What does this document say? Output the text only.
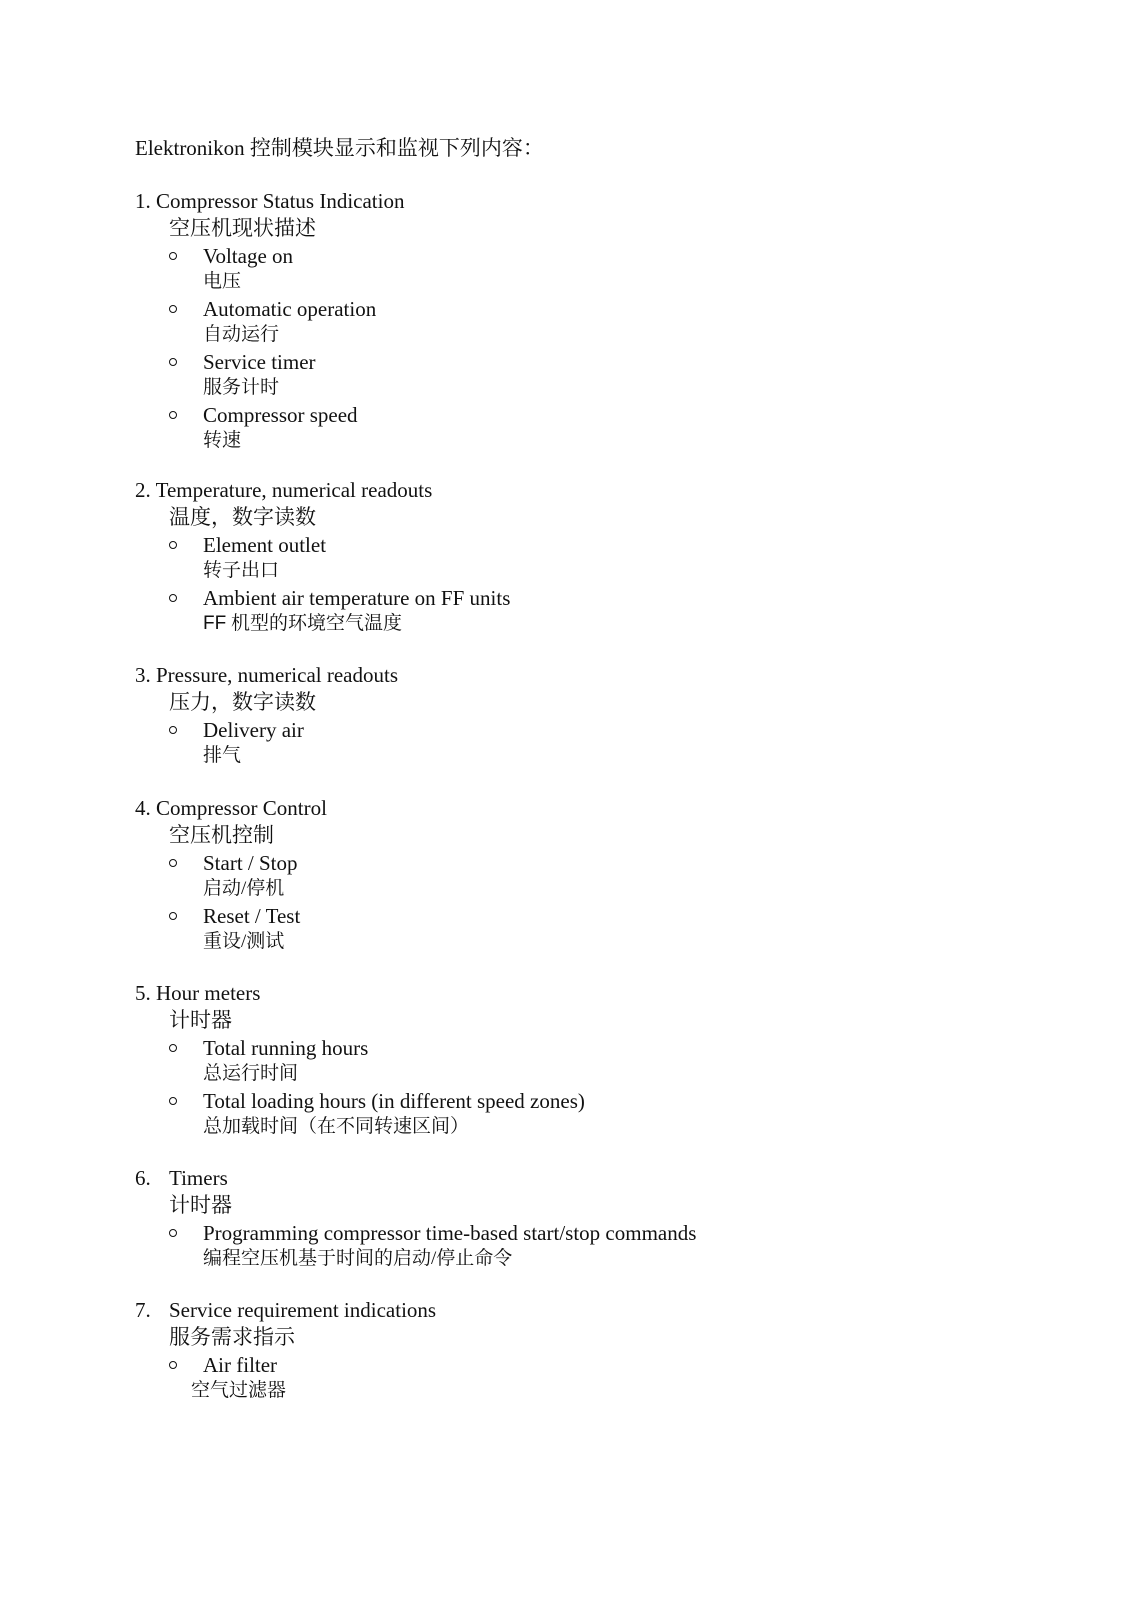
Elektronikon 控制模块显示和监视下列内容：
1. Compressor Status Indication
空压机现状描述
Voltage on
电压
Automatic operation
自动运行
Service timer
服务计时
Compressor speed
转速
2. Temperature, numerical readouts
温度，数字读数
Element outlet
转子出口
Ambient air temperature on FF units
FF 机型的环境空气温度
3. Pressure, numerical readouts
压力，数字读数
Delivery air
排气
4. Compressor Control
空压机控制
Start / Stop
启动/停机
Reset / Test
重设/测试
5. Hour meters
计时器
Total running hours
总运行时间
Total loading hours (in different speed zones)
总加载时间（在不同转速区间）
6. Timers
计时器
Programming compressor time-based start/stop commands
编程空压机基于时间的启动/停止命令
7. Service requirement indications
服务需求指示
Air filter
空气过滤器
